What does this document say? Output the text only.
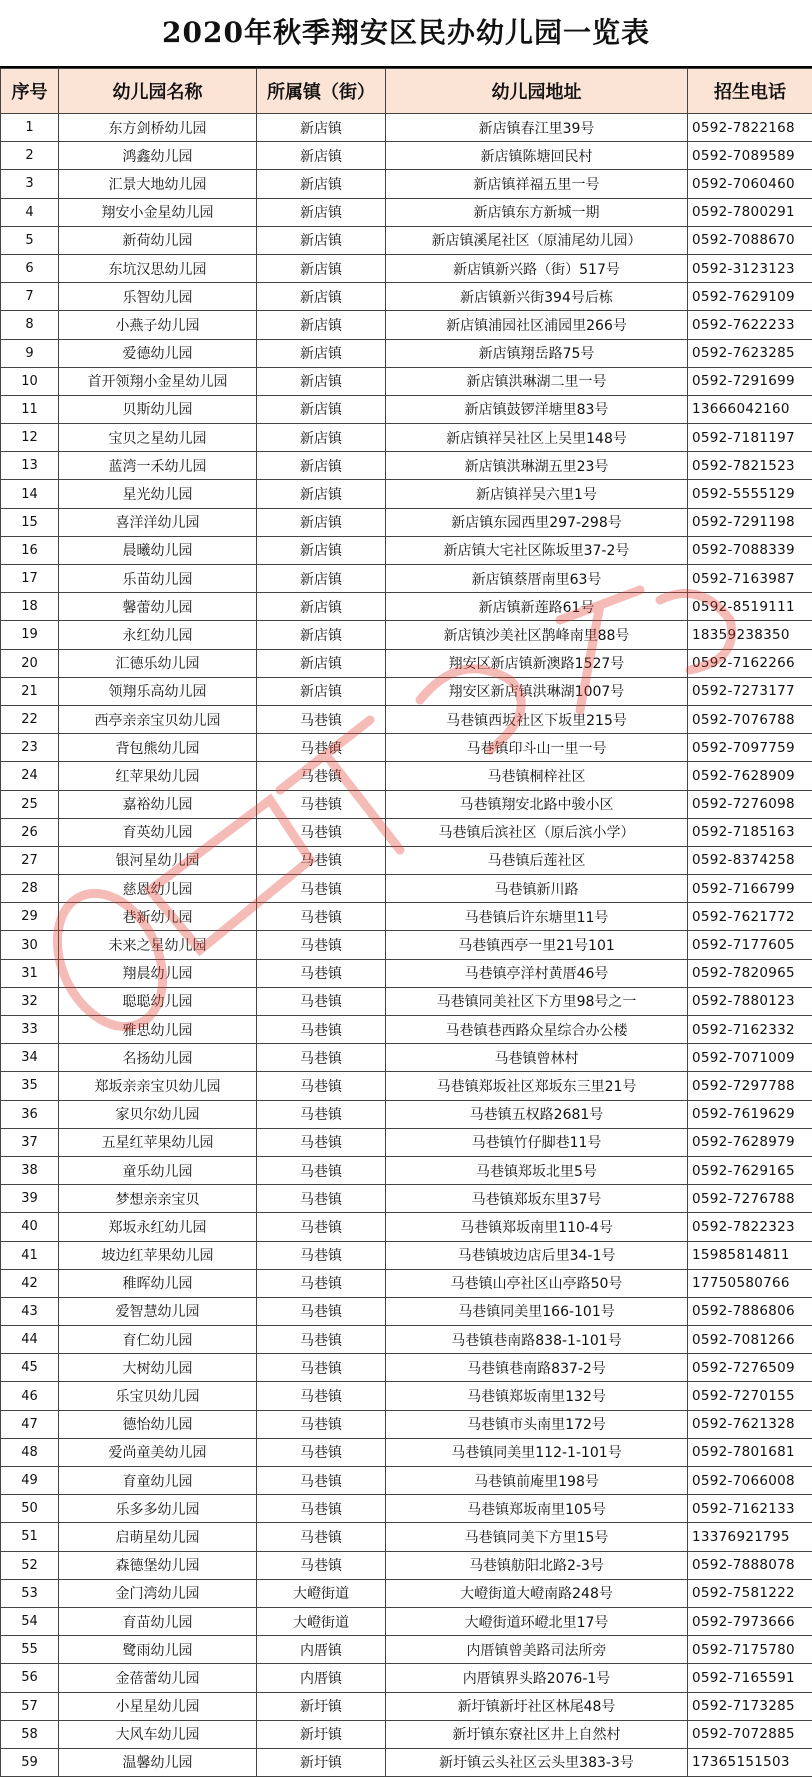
2020年秋季翔安区民办幼儿园一览表
序号	幼儿园名称	所属镇（街）	幼儿园地址	招生电话
1	东方剑桥幼儿园	新店镇	新店镇春江里39号	0592-7822168
2	鸿鑫幼儿园	新店镇	新店镇陈塘回民村	0592-7089589
3	汇景大地幼儿园	新店镇	新店镇祥福五里一号	0592-7060460
4	翔安小金星幼儿园	新店镇	新店镇东方新城一期	0592-7800291
5	新荷幼儿园	新店镇	新店镇溪尾社区（原浦尾幼儿园）	0592-7088670
6	东坑汉思幼儿园	新店镇	新店镇新兴路（街）517号	0592-3123123
7	乐智幼儿园	新店镇	新店镇新兴街394号后栋	0592-7629109
8	小燕子幼儿园	新店镇	新店镇浦园社区浦园里266号	0592-7622233
9	爱德幼儿园	新店镇	新店镇翔岳路75号	0592-7623285
10	首开领翔小金星幼儿园	新店镇	新店镇洪琳湖二里一号	0592-7291699
11	贝斯幼儿园	新店镇	新店镇鼓锣洋塘里83号	13666042160
12	宝贝之星幼儿园	新店镇	新店镇祥吴社区上吴里148号	0592-7181197
13	蓝湾一禾幼儿园	新店镇	新店镇洪琳湖五里23号	0592-7821523
14	星光幼儿园	新店镇	新店镇祥吴六里1号	0592-5555129
15	喜洋洋幼儿园	新店镇	新店镇东园西里297-298号	0592-7291198
16	晨曦幼儿园	新店镇	新店镇大宅社区陈坂里37-2号	0592-7088339
17	乐苗幼儿园	新店镇	新店镇蔡厝南里63号	0592-7163987
18	馨蕾幼儿园	新店镇	新店镇新莲路61号	0592-8519111
19	永红幼儿园	新店镇	新店镇沙美社区鹊峰南里88号	18359238350
20	汇德乐幼儿园	新店镇	翔安区新店镇新澳路1527号	0592-7162266
21	领翔乐高幼儿园	新店镇	翔安区新店镇洪琳湖1007号	0592-7273177
22	西亭亲亲宝贝幼儿园	马巷镇	马巷镇西坂社区下坂里215号	0592-7076788
23	背包熊幼儿园	马巷镇	马巷镇印斗山一里一号	0592-7097759
24	红苹果幼儿园	马巷镇	马巷镇桐梓社区	0592-7628909
25	嘉裕幼儿园	马巷镇	马巷镇翔安北路中骏小区	0592-7276098
26	育英幼儿园	马巷镇	马巷镇后滨社区（原后滨小学）	0592-7185163
27	银河星幼儿园	马巷镇	马巷镇后莲社区	0592-8374258
28	慈恩幼儿园	马巷镇	马巷镇新川路	0592-7166799
29	巷新幼儿园	马巷镇	马巷镇后许东塘里11号	0592-7621772
30	未来之星幼儿园	马巷镇	马巷镇西亭一里21号101	0592-7177605
31	翔晨幼儿园	马巷镇	马巷镇亭洋村黄厝46号	0592-7820965
32	聪聪幼儿园	马巷镇	马巷镇同美社区下方里98号之一	0592-7880123
33	雅思幼儿园	马巷镇	马巷镇巷西路众星综合办公楼	0592-7162332
34	名扬幼儿园	马巷镇	马巷镇曾林村	0592-7071009
35	郑坂亲亲宝贝幼儿园	马巷镇	马巷镇郑坂社区郑坂东三里21号	0592-7297788
36	家贝尔幼儿园	马巷镇	马巷镇五权路2681号	0592-7619629
37	五星红苹果幼儿园	马巷镇	马巷镇竹仔脚巷11号	0592-7628979
38	童乐幼儿园	马巷镇	马巷镇郑坂北里5号	0592-7629165
39	梦想亲亲宝贝	马巷镇	马巷镇郑坂东里37号	0592-7276788
40	郑坂永红幼儿园	马巷镇	马巷镇郑坂南里110-4号	0592-7822323
41	坡边红苹果幼儿园	马巷镇	马巷镇坡边店后里34-1号	15985814811
42	稚晖幼儿园	马巷镇	马巷镇山亭社区山亭路50号	17750580766
43	爱智慧幼儿园	马巷镇	马巷镇同美里166-101号	0592-7886806
44	育仁幼儿园	马巷镇	马巷镇巷南路838-1-101号	0592-7081266
45	大树幼儿园	马巷镇	马巷镇巷南路837-2号	0592-7276509
46	乐宝贝幼儿园	马巷镇	马巷镇郑坂南里132号	0592-7270155
47	德怡幼儿园	马巷镇	马巷镇市头南里172号	0592-7621328
48	爱尚童美幼儿园	马巷镇	马巷镇同美里112-1-101号	0592-7801681
49	育童幼儿园	马巷镇	马巷镇前庵里198号	0592-7066008
50	乐多多幼儿园	马巷镇	马巷镇郑坂南里105号	0592-7162133
51	启萌星幼儿园	马巷镇	马巷镇同美下方里15号	13376921795
52	森德堡幼儿园	马巷镇	马巷镇舫阳北路2-3号	0592-7888078
53	金门湾幼儿园	大嶝街道	大嶝街道大嶝南路248号	0592-7581222
54	育苗幼儿园	大嶝街道	大嶝街道环嶝北里17号	0592-7973666
55	鹭雨幼儿园	内厝镇	内厝镇曾美路司法所旁	0592-7175780
56	金蓓蕾幼儿园	内厝镇	内厝镇界头路2076-1号	0592-7165591
57	小星星幼儿园	新圩镇	新圩镇新圩社区林尾48号	0592-7173285
58	大风车幼儿园	新圩镇	新圩镇东寮社区井上自然村	0592-7072885
59	温馨幼儿园	新圩镇	新圩镇云头社区云头里383-3号	17365151503
